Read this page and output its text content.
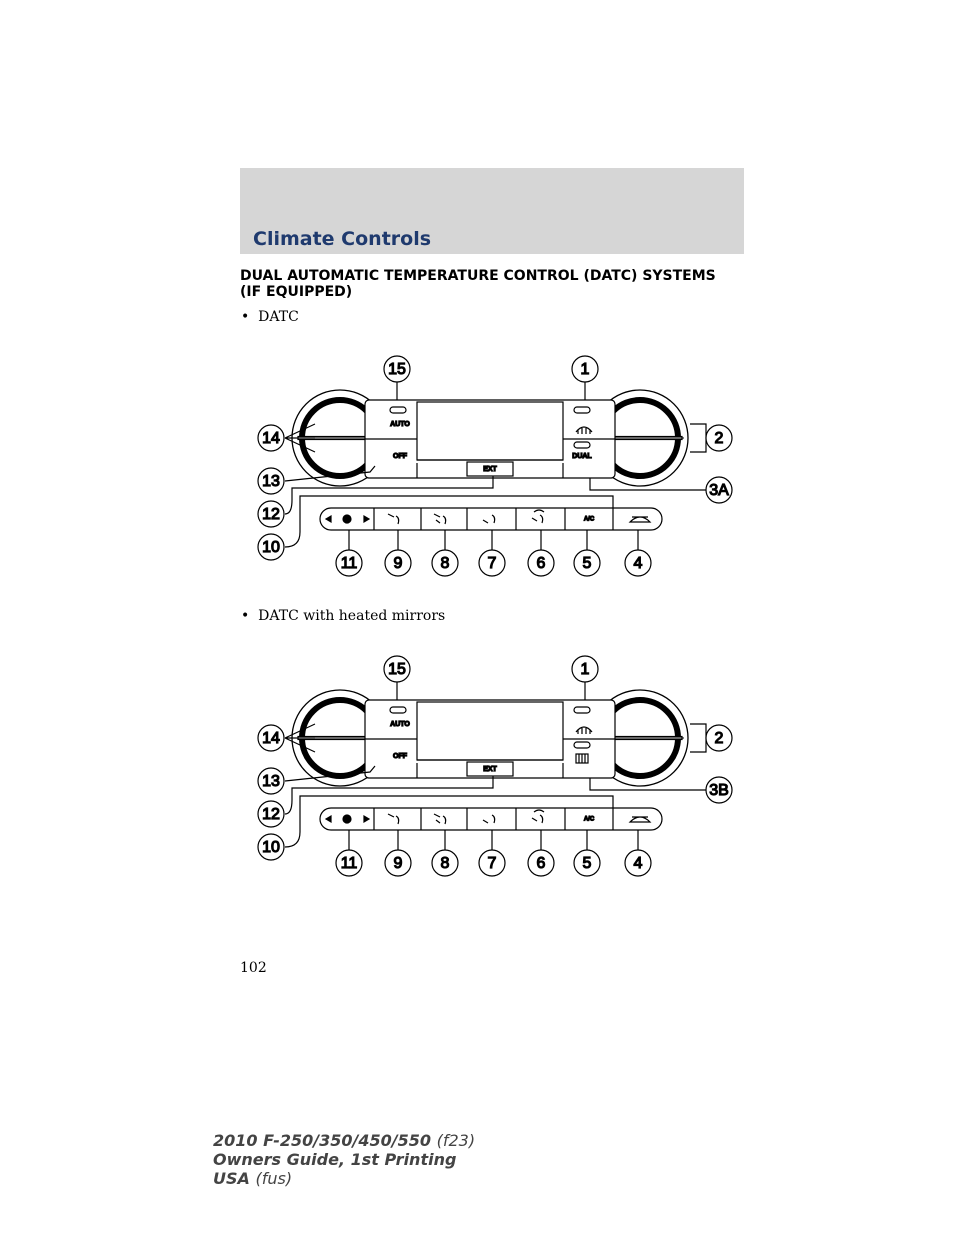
Climate Controls
DUAL AUTOMATIC TEMPERATURE CONTROL (DATC) SYSTEMS (IF EQUIPPED)
•  DATC
EXT
AUTO
OFF	DUAL
A/C
15	1
14	2
13
3A
12
10
11 9 8 7	6 5	4
•  DATC with heated mirrors
EXT
AUTO
OFF
A/C
15	1
14	2
13
3B
12
10
11 9 8 7	6 5	4
102
2010 F-250/350/450/550 (f23)
Owners Guide, 1st Printing
USA (fus)
